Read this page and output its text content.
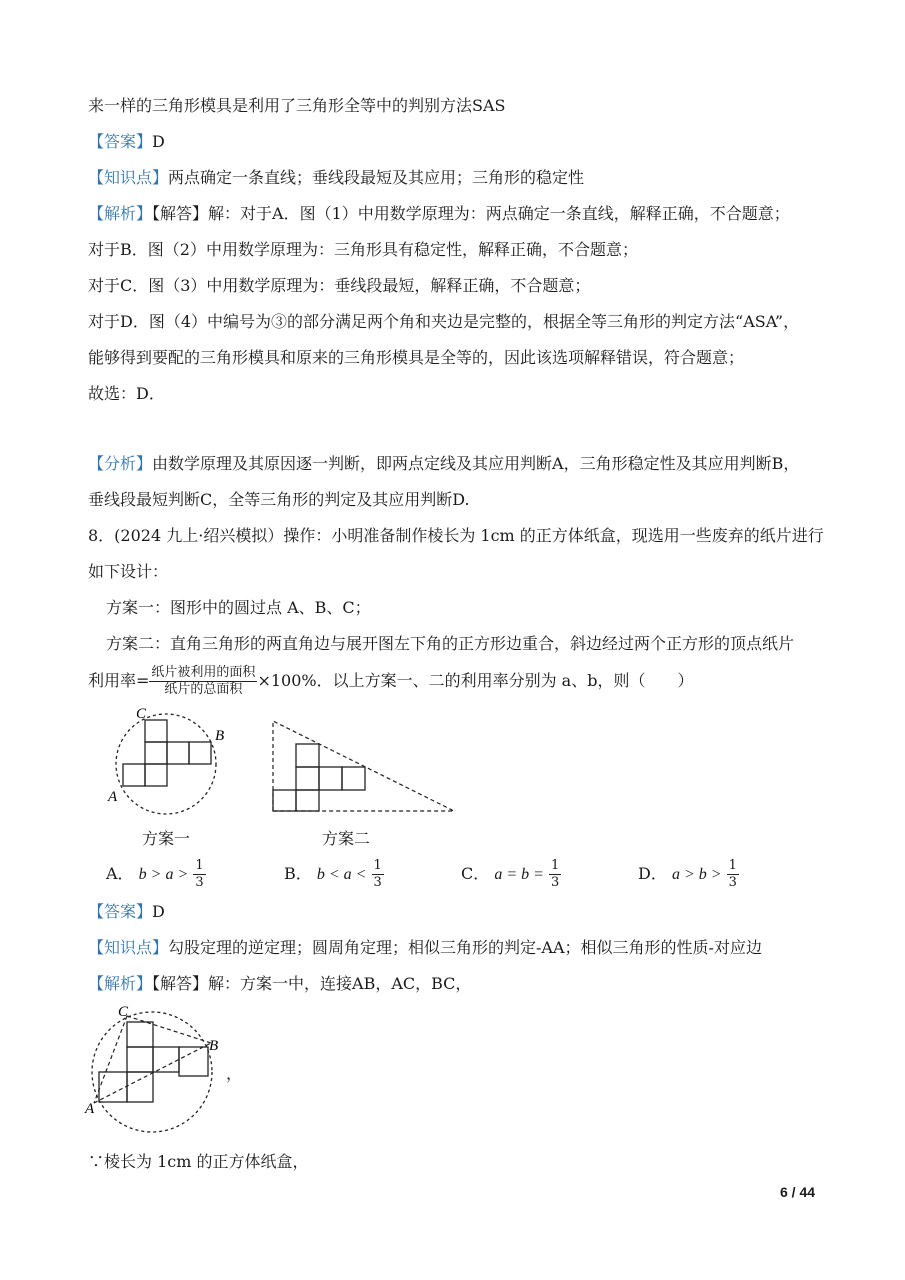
来一样的三角形模具是利用了三角形全等中的判别方法SAS
【答案】D
【知识点】两点确定一条直线；垂线段最短及其应用；三角形的稳定性
【解析】【解答】解：对于A．图（1）中用数学原理为：两点确定一条直线，解释正确，不合题意；
对于B．图（2）中用数学原理为：三角形具有稳定性，解释正确，不合题意；
对于C．图（3）中用数学原理为：垂线段最短，解释正确，不合题意；
对于D．图（4）中编号为③的部分满足两个角和夹边是完整的，根据全等三角形的判定方法“ASA”，
能够得到要配的三角形模具和原来的三角形模具是全等的，因此该选项解释错误，符合题意；
故选：D．
【分析】由数学原理及其原因逐一判断，即两点定线及其应用判断A，三角形稳定性及其应用判断B，
垂线段最短判断C，全等三角形的判定及其应用判断D.
8．(2024 九上·绍兴模拟）操作：小明准备制作棱长为 1cm 的正方体纸盒，现选用一些废弃的纸片进行
如下设计：
方案一：图形中的圆过点 A、B、C；
方案二：直角三角形的两直角边与展开图左下角的正方形边重合，斜边经过两个正方形的顶点纸片
利用率= $\frac{\text{纸片被利用的面积}}{\text{纸片的总面积}} \times 100\%$．以上方案一、二的利用率分别为 a、b，则（　　）
C
B
A
方案一	方案二
A． $b > a > \frac{1}{3}$	B． $b < a < \frac{1}{3}$	C． $a = b = \frac{1}{3}$	D． $a > b > \frac{1}{3}$
【答案】D
【知识点】勾股定理的逆定理；圆周角定理；相似三角形的判定-AA；相似三角形的性质-对应边
【解析】【解答】解：方案一中，连接AB，AC，BC，
C
B
A
，
∵棱长为 1cm 的正方体纸盒，
6 / 44
